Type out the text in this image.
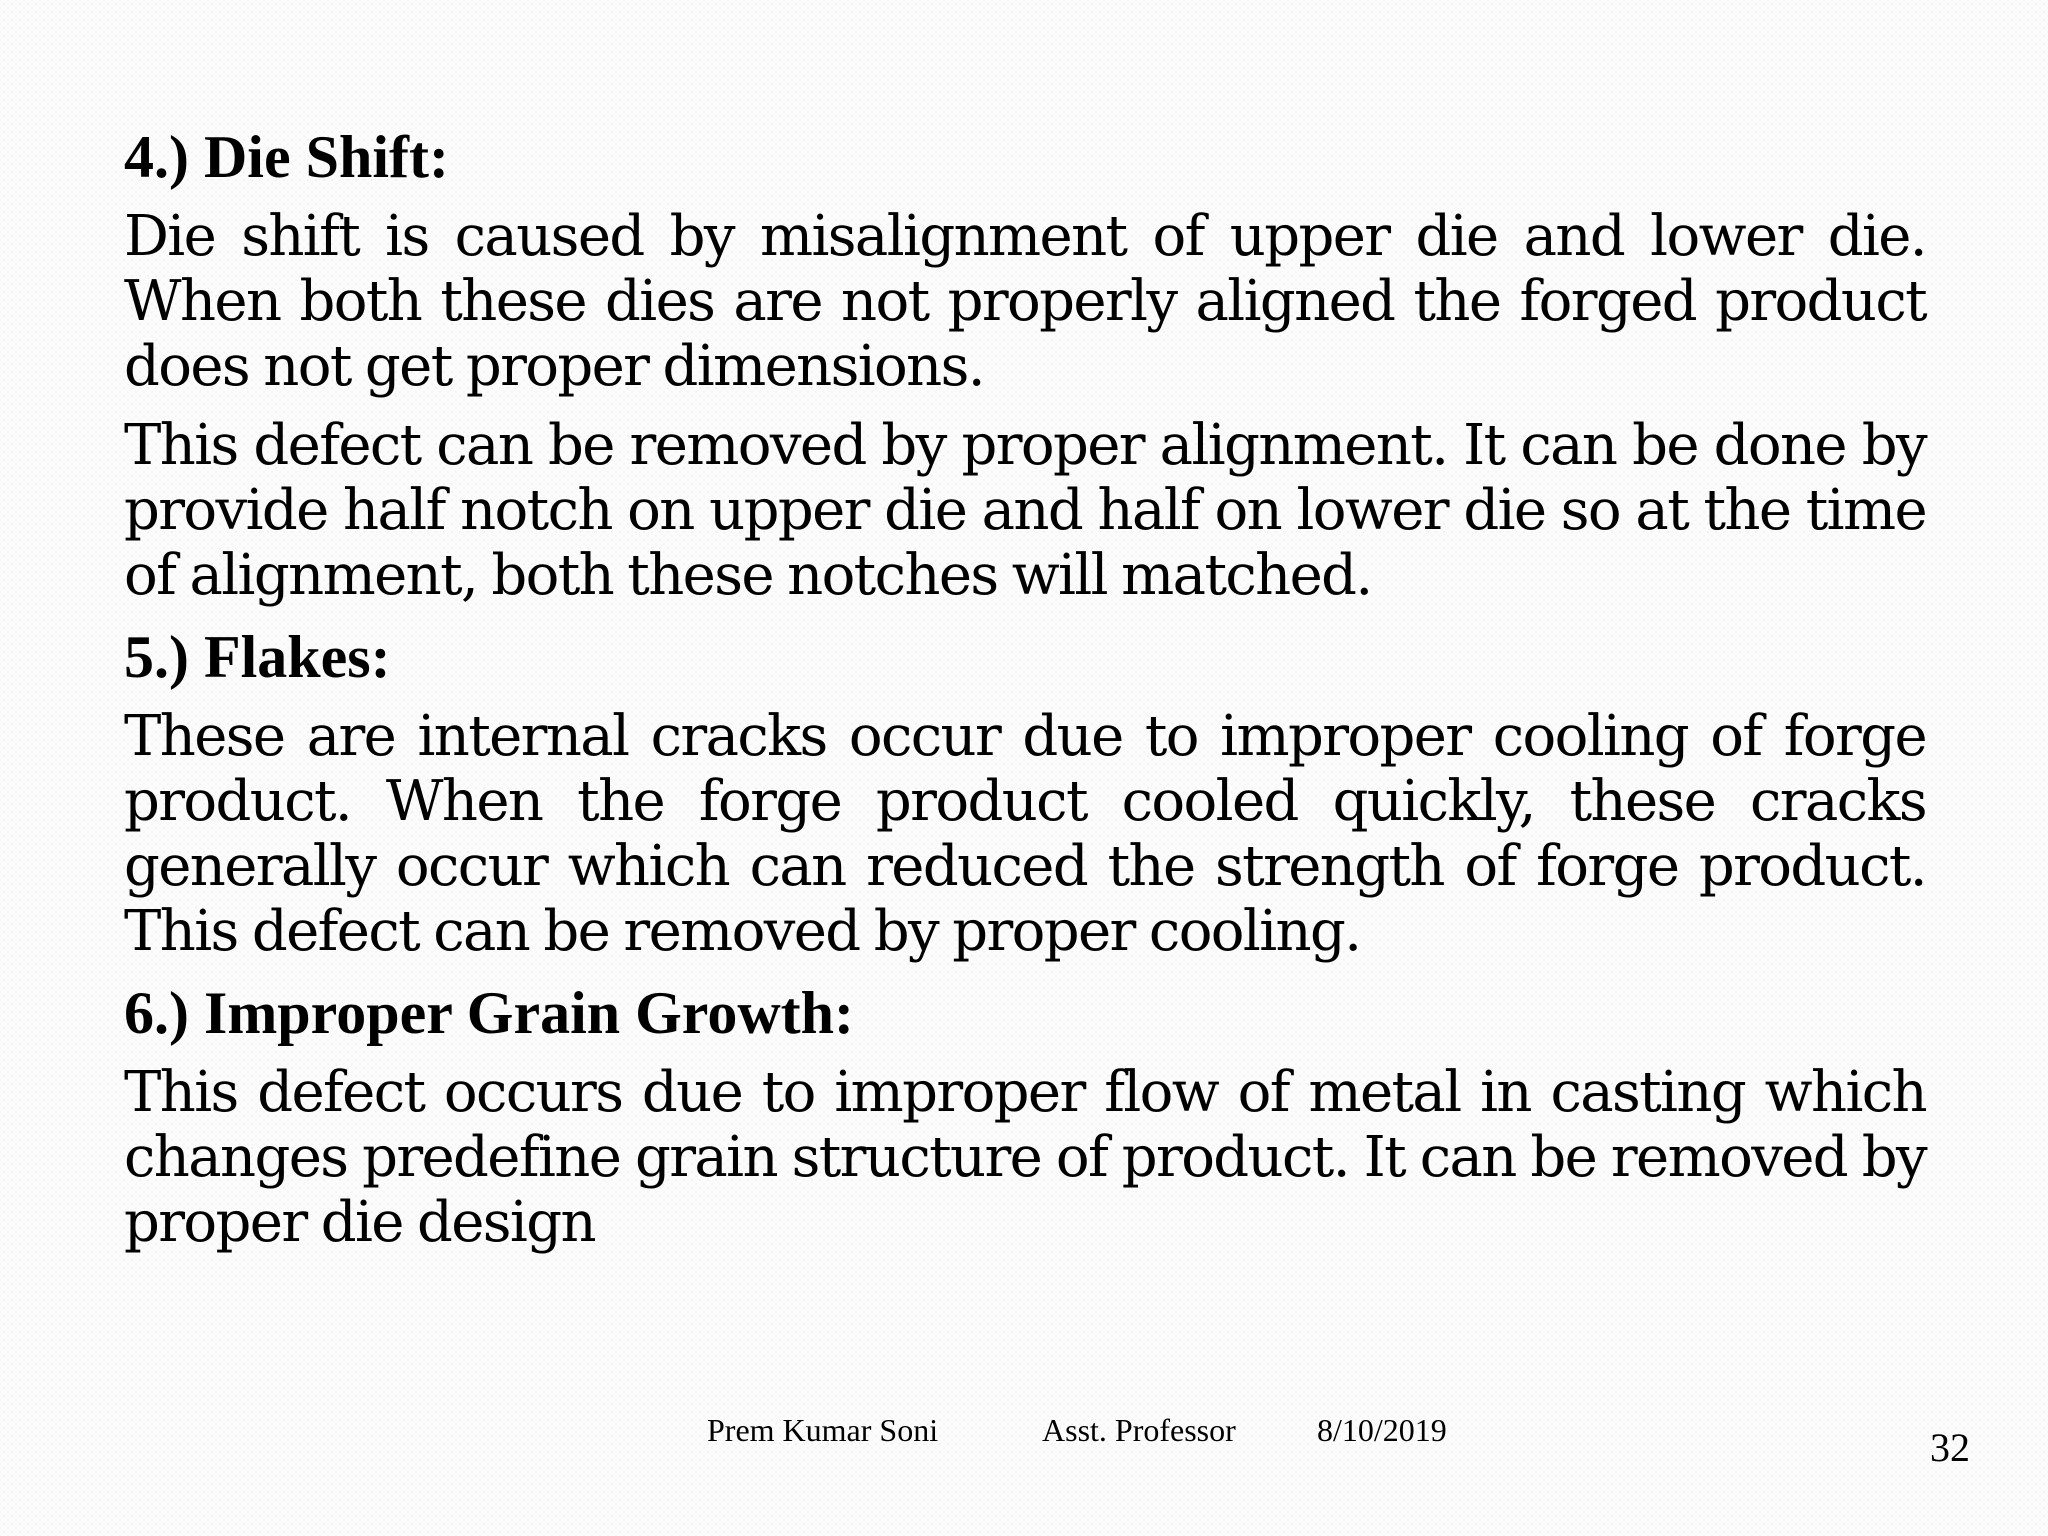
4.) Die Shift:

Die shift is caused by misalignment of upper die and lower die. When both these dies are not properly aligned the forged product does not get proper dimensions.

This defect can be removed by proper alignment. It can be done by provide half notch on upper die and half on lower die so at the time of alignment, both these notches will matched.

5.) Flakes:

These are internal cracks occur due to improper cooling of forge product. When the forge product cooled quickly, these cracks generally occur which can reduced the strength of forge product. This defect can be removed by proper cooling.

6.) Improper Grain Growth:

This defect occurs due to improper flow of metal in casting which changes predefine grain structure of product. It can be removed by proper die design

Prem Kumar Soni	Asst. Professor	8/10/2019	32
